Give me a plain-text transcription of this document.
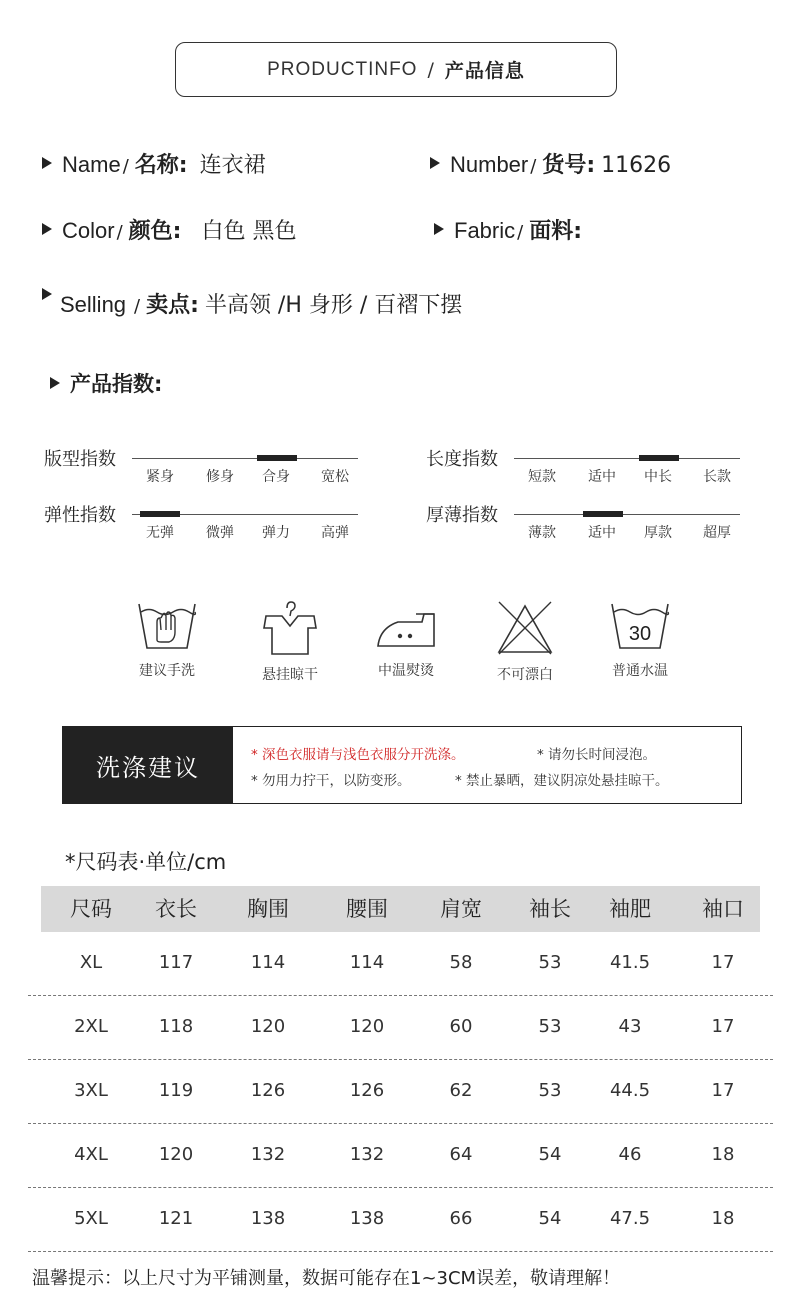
PRODUCTINFO / 产品信息
Name / 名称: 连衣裙	Number / 货号: 11626
Color / 颜色: 白色 黑色	Fabric / 面料:
Selling / 卖点: 半高领 /H 身形 / 百褶下摆
产品指数:
版型指数
紧身 修身 合身 宽松
长度指数
短款 适中 中长 长款
弹性指数
无弹 微弹 弹力 高弹
厚薄指数
薄款 适中 厚款 超厚
建议手洗	悬挂晾干	中温熨烫	不可漂白
30
普通水温
洗涤建议	* 深色衣服请与浅色衣服分开洗涤。	* 请勿长时间浸泡。
* 勿用力拧干，以防变形。	* 禁止暴晒，建议阴凉处悬挂晾干。
*尺码表·单位/cm
尺码 衣长 胸围	腰围 肩宽 袖长 袖肥 袖口
XL	117	114	114	58	53	41.5	17
2XL	118	120	120	60	53	43	17
3XL	119	126	126	62	53	44.5	17
4XL	120	132	132	64	54	46	18
5XL	121	138	138	66	54	47.5	18
温馨提示：以上尺寸为平铺测量，数据可能存在1~3CM误差，敬请理解！
